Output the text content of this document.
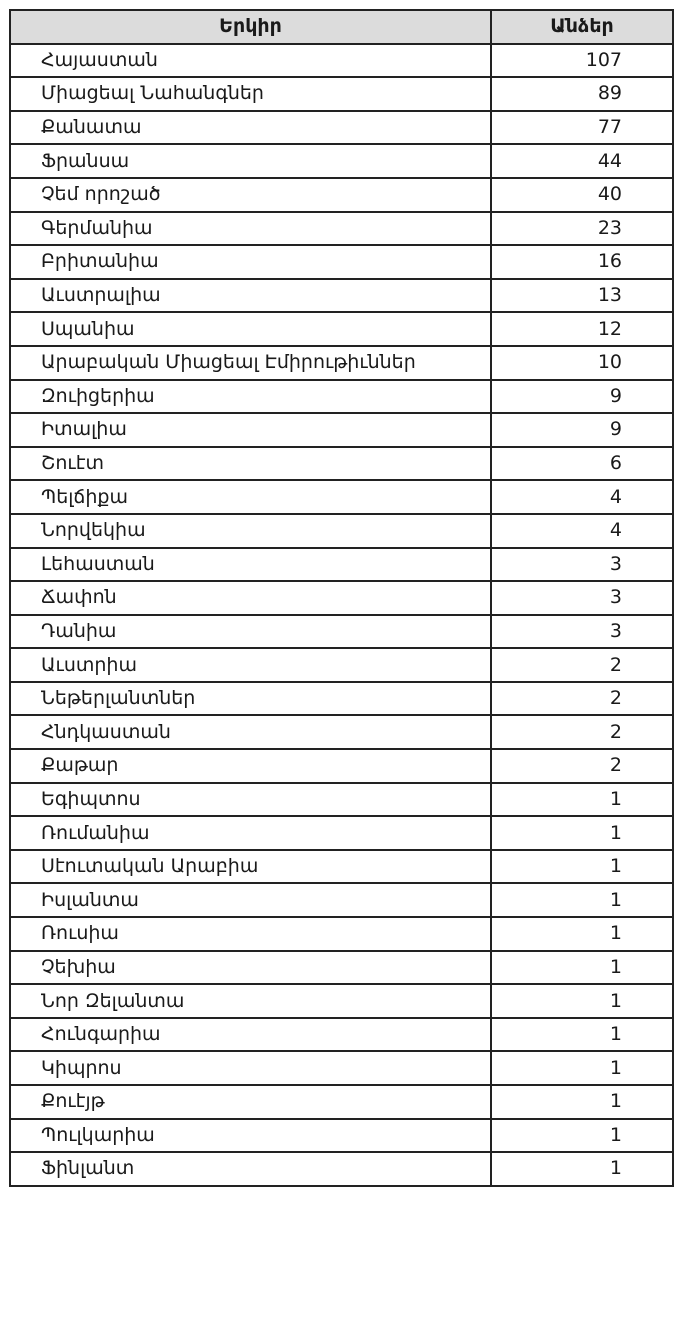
Երկիր	Անձեր
Հայաստան	107
Միացեալ Նահանգներ	89
Քանատա	77
Ֆրանսա	44
Չեմ որոշած	40
Գերմանիա	23
Բրիտանիա	16
Աւստրալիա	13
Սպանիա	12
Արաբական Միացեալ Էմիրութիւններ	10
Զուիցերիա	9
Իտալիա	9
Շուէտ	6
Պելճիքա	4
Նորվեկիա	4
Լեհաստան	3
Ճափոն	3
Դանիա	3
Աւստրիա	2
Նեթերլանտներ	2
Հնդկաստան	2
Քաթար	2
Եգիպտոս	1
Ռումանիա	1
Սէուտական Արաբիա	1
Իսլանտա	1
Ռուսիա	1
Չեխիա	1
Նոր Զելանտա	1
Հունգարիա	1
Կիպրոս	1
Քուէյթ	1
Պուլկարիա	1
Ֆինլանտ	1
